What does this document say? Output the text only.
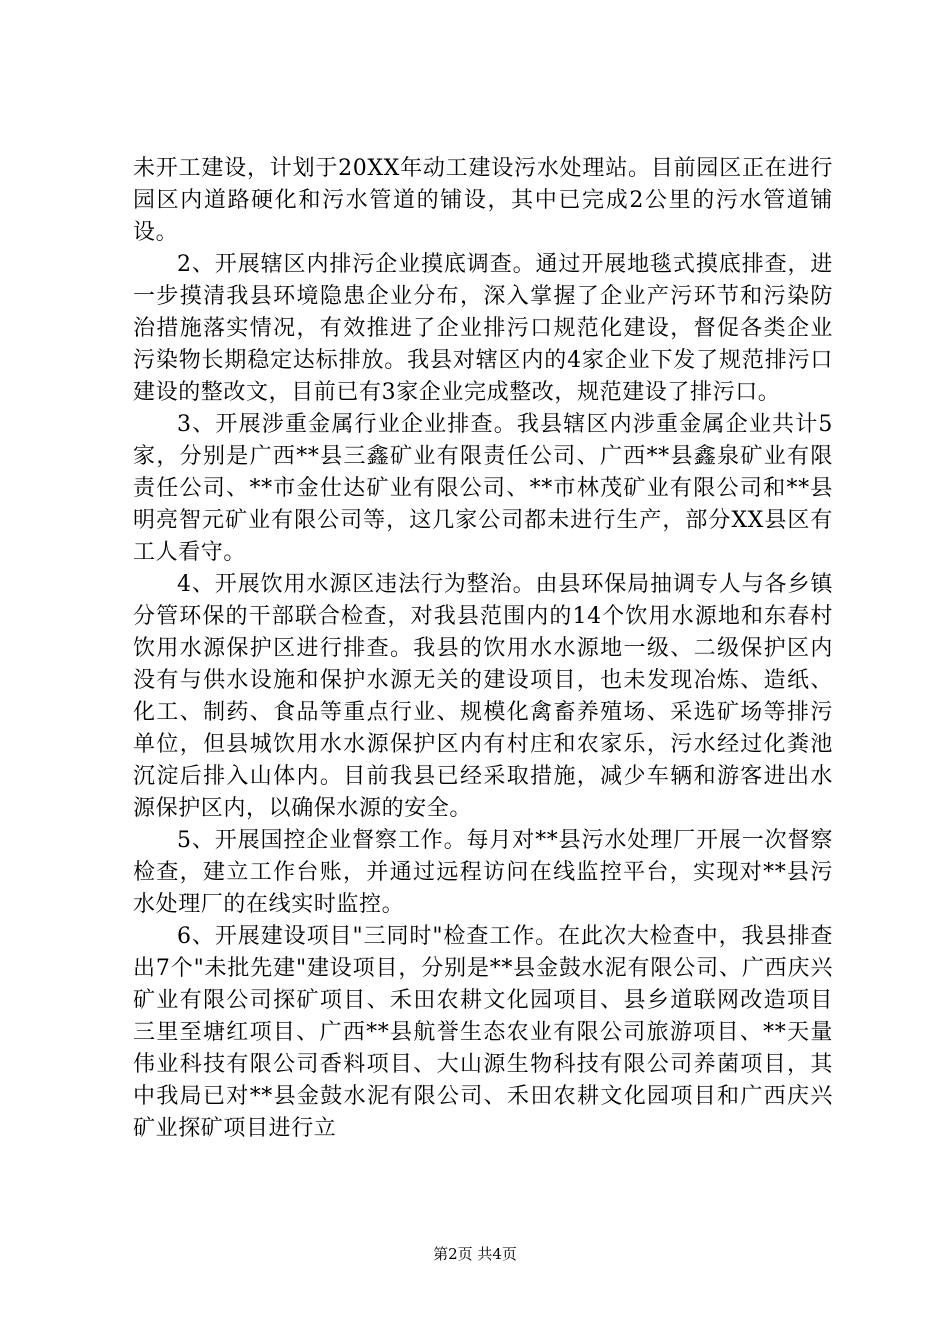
未开工建设，计划于20XX年动工建设污水处理站。目前园区正在进行园区内道路硬化和污水管道的铺设，其中已完成2公里的污水管道铺设。

2、开展辖区内排污企业摸底调查。通过开展地毯式摸底排查，进一步摸清我县环境隐患企业分布，深入掌握了企业产污环节和污染防治措施落实情况，有效推进了企业排污口规范化建设，督促各类企业污染物长期稳定达标排放。我县对辖区内的4家企业下发了规范排污口建设的整改文，目前已有3家企业完成整改，规范建设了排污口。

3、开展涉重金属行业企业排查。我县辖区内涉重金属企业共计5家，分别是广西**县三鑫矿业有限责任公司、广西**县鑫泉矿业有限责任公司、**市金仕达矿业有限公司、**市林茂矿业有限公司和**县明亮智元矿业有限公司等，这几家公司都未进行生产，部分XX县区有工人看守。

4、开展饮用水源区违法行为整治。由县环保局抽调专人与各乡镇分管环保的干部联合检查，对我县范围内的14个饮用水源地和东春村饮用水源保护区进行排查。我县的饮用水水源地一级、二级保护区内没有与供水设施和保护水源无关的建设项目，也未发现冶炼、造纸、化工、制药、食品等重点行业、规模化禽畜养殖场、采选矿场等排污单位，但县城饮用水水源保护区内有村庄和农家乐，污水经过化粪池沉淀后排入山体内。目前我县已经采取措施，减少车辆和游客进出水源保护区内，以确保水源的安全。

5、开展国控企业督察工作。每月对**县污水处理厂开展一次督察检查，建立工作台账，并通过远程访问在线监控平台，实现对**县污水处理厂的在线实时监控。

6、开展建设项目"三同时"检查工作。在此次大检查中，我县排查出7个"未批先建"建设项目，分别是**县金鼓水泥有限公司、广西庆兴矿业有限公司探矿项目、禾田农耕文化园项目、县乡道联网改造项目三里至塘红项目、广西**县航誉生态农业有限公司旅游项目、**天量伟业科技有限公司香料项目、大山源生物科技有限公司养菌项目，其中我局已对**县金鼓水泥有限公司、禾田农耕文化园项目和广西庆兴矿业探矿项目进行立

第2页 共4页
